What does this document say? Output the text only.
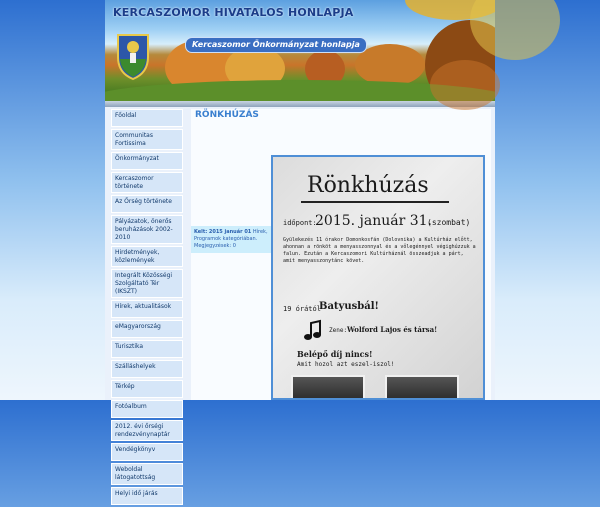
KERCASZOMOR HIVATALOS HONLAPJA
Kercaszomor Önkormányzat honlapja
Főoldal
Communitas Fortissima
Önkormányzat
Kercaszomor története
Az Őrség története
Pályázatok, önerős beruházások 2002-2010
Hirdetmények, közlemények
Integrált Közösségi Szolgáltató Tér (IKSZT)
Hírek, aktualitások
eMagyarország
Turisztika
Szálláshelyek
Térkép
Fotóalbum
2012. évi őrségi rendezvénynaptár
Vendégkönyv
Weboldal látogatottság
Helyi idő járás
RÖNKHÚZÁS
Kelt: 2015 január 01 Hírek, Programok kategóriában.
Megjegyzések: 0
Rönkhúzás
időpont:
2015. január 31.
(szombat)

Gyülekezés 11 órakor Domonkosfán (Dolovnika) a Kultúrház előtt, ahonnan a rönköt a menyasszonnyal és a vőlegénnyel végighúzzuk a falun. Ezután a Kercaszomori Kultúrháznál összeadjuk a párt, amit menyasszonytánc követ.

19 órától
Batyusbál!
Zene: Wolford Lajos és társa!
Belépő díj nincs!
Amit hozol azt eszel-iszol!
